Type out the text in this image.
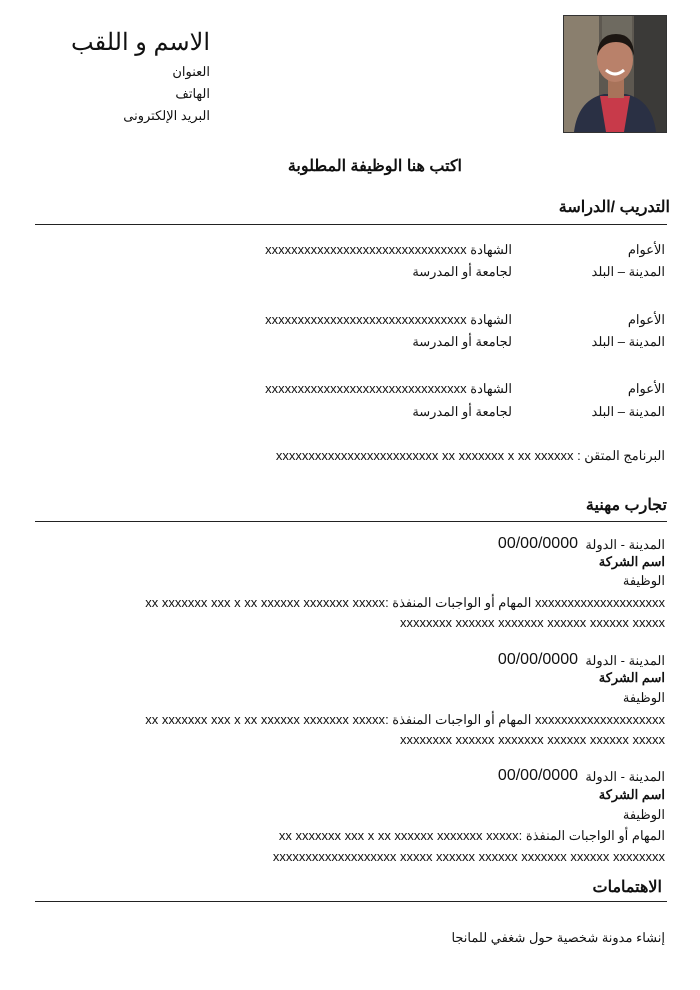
الاسم و اللقب
العنوان
الهاتف
البريد الإلكترونى
اكتب هنا الوظيفة المطلوبة
التدريب /الدراسة
الأعوام
الشهادة xxxxxxxxxxxxxxxxxxxxxxxxxxxxxxx
المدينة – البلد
لجامعة أو المدرسة
الأعوام
الشهادة xxxxxxxxxxxxxxxxxxxxxxxxxxxxxxx
المدينة – البلد
لجامعة أو المدرسة
الأعوام
الشهادة xxxxxxxxxxxxxxxxxxxxxxxxxxxxxxx
المدينة – البلد
لجامعة أو المدرسة
البرنامج المتقن : xxxxxxxxxxxxxxxxxxxxxxxxx xx xxxxxxx x xx xxxxxx
تجارب مهنية
المدينة - الدولة
00/00/0000
اسم الشركة
الوظيفة
xxxxxxxxxxxxxxxxxxxx المهام أو الواجبات المنفذة :xx xxxxxxx xxx x xx xxxxxx xxxxxxx xxxxx
xxxxxxxx xxxxxx xxxxxxx xxxxxx xxxxxx xxxxx
المدينة - الدولة
00/00/0000
اسم الشركة
الوظيفة
xxxxxxxxxxxxxxxxxxxx المهام أو الواجبات المنفذة :xx xxxxxxx xxx x xx xxxxxx xxxxxxx xxxxx
xxxxxxxx xxxxxx xxxxxxx xxxxxx xxxxxx xxxxx
المدينة - الدولة
00/00/0000
اسم الشركة
الوظيفة
المهام أو الواجبات المنفذة :xx xxxxxxx xxx x xx xxxxxx xxxxxxx xxxxx
xxxxxxxxxxxxxxxxxxx xxxxx xxxxxx xxxxxx xxxxxxx xxxxxx xxxxxxxx
الاهتمامات
إنشاء مدونة شخصية حول شغفي للمانجا
